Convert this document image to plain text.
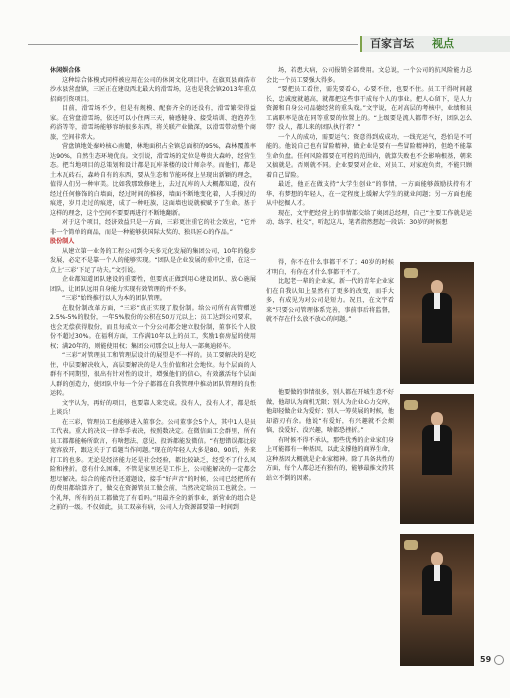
百家言坛 视点

休闲娱合体

这种综合体模式同样被应用在公司的休闲文化项目中。在旗页县商浩市沙水县营盘镇，三匠正在建设西北最大的滑雪场，这也是我会镇2013年重点招商引资项目。

目前，滑雪场不少，但是有规模、配套齐全的还没有，滑雪繁荣得益家。在营盘滑雪场，依还可以小住两三天，骑感健身、接受培训、泡泡养生药浴等等，滑雪场能够容纳很多东西，将关联产业做深，以滑雪带动整个商旅，空间非常大。

营盘镇地处秦岭核心南麓，林地面积占全镇总面积的95%，森林覆盖率达90%，自然生态环境优良。文引说，滑雪场的定位是尊贵大森岭，经营生态。把当地项目的总策划和设计都是瓦库茶楼的设计师杂孝。而他们，都是土木瓦砖石，森岭自有的东西，要从生态和节能环保上呈现出新颖的理念，值得人们另一种审美。比如我那致修建上，去过瓦库的人大概都知道，没有经过任何修饰的白墙面，经过时间的推移，墙面不断地变化着，人手摸过的痕迹，岁月走过的痕迹，成了一种旺族，这面墙也说就被赋予了生命。基于这样的理念，这个空间不要要再进行不断地翻新。

对于这个项目，经济效益只是一方面，三彩更注重它的社会效应，“它并非一个简单的商品，而是一种能够获国际大奖的、独具匠心的作品。”

股份制人

从建立第一业务的工程公司到今天多元化发展的集团公司，10年的稳步发展，必定不是靠一个人的能够实现。“团队是企业发展的重中之重，在这一点上‘三彩’下足了功夫。”文引说。

企业都知道团队建设的重要性，但要真正做到用心建设团队、放心施展团队，让团队远用自身能力实现有效管理的并不多。

“三彩”始终推行以人为本的团队管理。

在股份制改革方面，“三彩”真正实现了股份制。给公司所有高管赠送2.5%-5%的股份，一年5%股份的公积在50万元以上；员工达到公司要求，也会无偿获得股份，而且每成立一个分公司都会建立股份制，董事长个人股份不超过30%。在福利方面，工作满10年以上的员工，奖励1套房屋的使用权；满20年的，则能使用权；集团公司那会以上每人一部奥迪轿车。

“三彩”对管理员工和管理层设计的展望是不一样的。员工要解决的是吃住，中层要解决收入，高层要解决的是人生价值和社会地位。每个层面的人群有不同期望，很出有针对性的设计，增强他们的信心，有效激活每个层面人群的创造力，使团队中每一个分子都都在自我管理中推动团队管理的良性运转。

文宇认为，再好的项目，也要靠人来完成。没有人，没有人才，都是纸上谈兵！

在三彩，管理员工也能够进入董事会。公司董事会5个人，其中1人是员工代表。重大的决议一律举手表决，按照数决定。在微信面工会群里，所有员工都都能畅所欲言，有啥想法、意见、投诉都能发微信。“有想错误都比较宽容放开，跟这关于了看题当作问题。”现在的年轻人大多是80、90后，外来打工的也多。无论是经济能力还是社会经验，都比较缺乏，经受不了什么风险和挫折。意有什么困难，不管是家里还是工作上，公司能解决的一定都会想尽解决。综合的能否往还道题设，接手“好声音”的时候，公司已经把所有的费用都给算齐了，做交在资源管员工做会前，当然决定给员工也就会。一个礼拜，所有的员工都做完了有看吗。”用最齐全的新事业，新营业的组合是之前的一级。不仅如此，员工双亲有病，公司人力资源部要第一时间到

场，若患大病，公司报销全部费用。文总说，一个公司的抗风险能力总会比一个员工要强大得多。

“要把员工看住，需先要看心，心要不住，也要不住。员工干得时间越长，忠诚度就越高，就都把这些事干成每个人的事业。把人心留下，是人力资源和自身公司品德经营的重头戏。”文宇说，在对高层的考核中，业绩和员工离职率是放在同等重要的位置上的。“上级要是流人都带不好，团队怎么带？没人，都儿来的团队执行者？”

一个人的成功，需要运气；资意得到成成功，一线充运气，恐怕是不可能的。他说自己也有冒险精神，做企业是要有一些冒险精神的，但绝不能靠生命负盘。任何风险都要在可控的范围内，就算失败也不会影响根基，朝来又搞就是。否则就不同。企业要要对企业、对员工、对家庭负责，不能只顾着自己冒险。

最近，他正在做支持“大学生创业”的事情，一方面能够鼓励扶持有才华、有梦想的年轻人，在一定程度上缓解大学生的就业问题；另一方面也能从中挖掘人才。

现在，文宇把经营上的事情都交给了奥团总经理，自己“主要工作就是运动、练字、杜交”，听起这儿，笔者指然想起一段话：30岁的时候想

得，你不在什么事都干不了；40岁的时候才明白，有你在才什么事都干不了。

比起老一辈的企业家，新一代的青年企业家们在自我认知上显然有了更多的改变，而手大多，有成见为对公司是短力。况且，在文宇看来“只要公司管理体系完善，事前事后将监督，就不存在什么放不放心的问题。”

他要做的事情很多，别人都在开城生意不好做，他却认为商机无限；别人为企业心力交瘁，他却轻做企业为爱好；别人一筹莫展的时候，他却游刃有余。他说“有爱好，有兴趣就不会烦恼，没爱好、没兴趣，啥都恐挫折。”

有时候不得不承认，那些优秀的企业家们身上可能都有一种基因，以此支撑他的商界生命，这种基因大概就是企业家精神。除了具备共性的方面，每个人都总还有独有的，能够最推文持其站立不倒的因素。

59
